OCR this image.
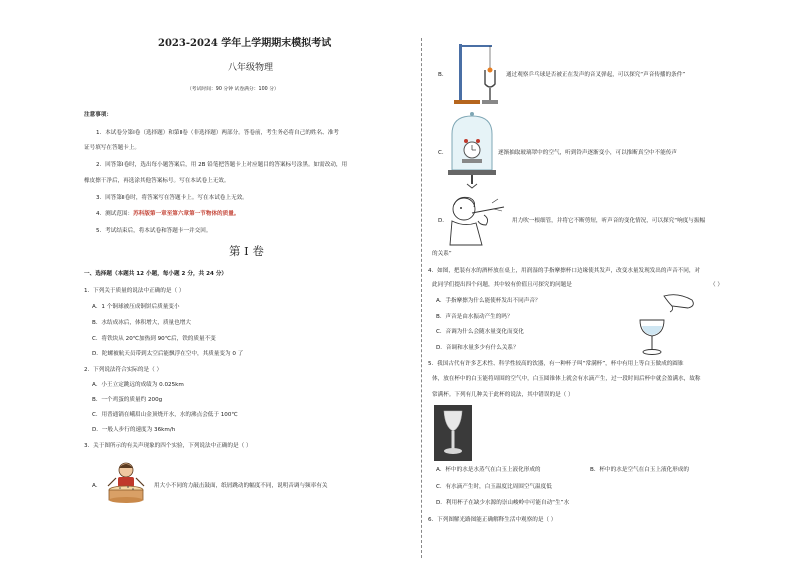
2023-2024 学年上学期期末模拟考试
八年级物理
（考试时间：90 分钟 试卷满分：100 分）
注意事项：
1．本试卷分第Ⅰ卷（选择题）和第Ⅱ卷（非选择题）两部分。答卷前，考生务必将自己的姓名、准考
证号填写在答题卡上。
2．回答第Ⅰ卷时，选出每小题答案后，用 2B 铅笔把答题卡上对应题目的答案标号涂黑。如需改动，用
橡皮擦干净后，再选涂其他答案标号。写在本试卷上无效。
3．回答第Ⅱ卷时，将答案写在答题卡上。写在本试卷上无效。
4．测试范围：苏科版第一章至第六章第一节物体的质量。
5．考试结束后，将本试卷和答题卡一并交回。
第 I 卷
一、选择题（本题共 12 小题，每小题 2 分，共 24 分）
1．下列关于质量的说法中正确的是（ ）
A．1 个铜球被压成铜饼后质量变小
B．水结成冰后，体积增大，质量也增大
C．将铁块从 20℃加热到 90℃后，铁的质量不变
D．陀螺被航天员带到太空后能飘浮在空中，其质量变为 0 了
2．下列说法符合实际的是（ ）
A．小王立定跳远的成绩为 0.025km
B．一个鸡蛋的质量约 200g
C．用普通锅在峨眉山金顶烧开水，水的沸点会低于 100℃
D．一般人步行的速度为 36km/h
3．关于图所示的有关声现象的四个实验，下列说法中正确的是（ ）
A．	用大小不同的力敲击鼓面，纸屑跳动的幅度不同，说明音调与频率有关
B．	通过观察乒乓球是否被正在发声的音叉弹起，可以探究“声音传播的条件”
C．	逐渐抽取玻璃罩中的空气，听到铃声逐渐变小，可以推断真空中不能传声
D．	用力吹一根细管，并将它不断剪短，听声音的变化情况，可以探究“响度与振幅
的关系”
4．如图，把装有水的酒杯放在桌上，用润湿的手指摩擦杯口边缘使其发声，改变水量发现发出的声音不同，对
此同学们提出四个问题，其中较有价值且可探究的问题是	（ ）
A．手指摩擦为什么能使杯发出不同声音？
B．声音是由水振动产生的吗？
C．音调为什么会随水量变化而变化
D．音调和水量多少有什么关系？
5．我国古代有许多艺术性、科学性较高的饮器，有一种杯子叫“常满杯”，杯中有用上等白玉做成的圆锥
体，放在杯中的白玉能将周围的空气中，白玉圆锥体上就会有水滴产生，过一段时间后杯中就会盈满水，故称
常满杯。下列有几种关于此杯的说法，其中错误的是（ ）
A．杯中的水是水蒸气在白玉上液化形成的	B．杯中的水是空气在白玉上液化形成的
C．有水滴产生时，白玉温度比周围空气温度低
D．利用杯子在缺少水源的崇山峻岭中可能自动“生”水
6．下列图解光路图能正确解释生活中观察的是（ ）
